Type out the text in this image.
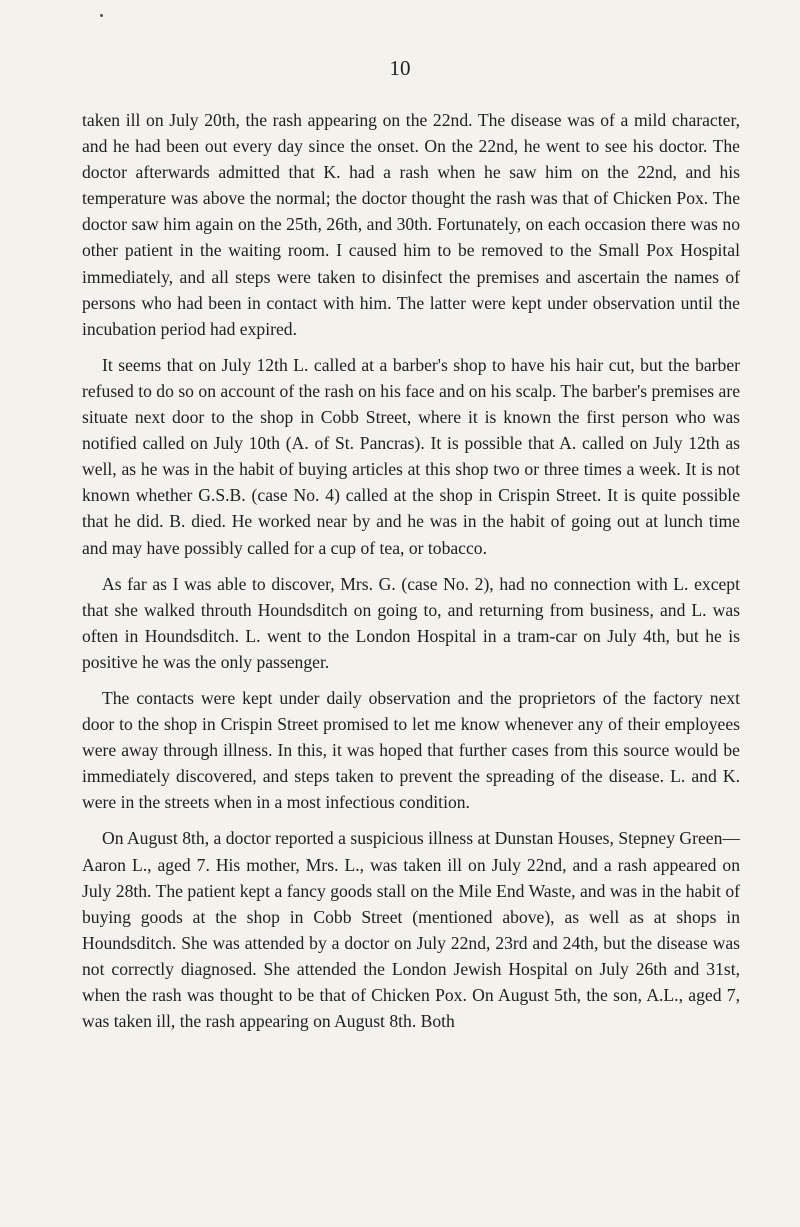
10

taken ill on July 20th, the rash appearing on the 22nd. The disease was of a mild character, and he had been out every day since the onset. On the 22nd, he went to see his doctor. The doctor afterwards admitted that K. had a rash when he saw him on the 22nd, and his temperature was above the normal; the doctor thought the rash was that of Chicken Pox. The doctor saw him again on the 25th, 26th, and 30th. Fortunately, on each occasion there was no other patient in the waiting room. I caused him to be removed to the Small Pox Hospital immediately, and all steps were taken to disinfect the premises and ascertain the names of persons who had been in contact with him. The latter were kept under observation until the incubation period had expired.

It seems that on July 12th L. called at a barber's shop to have his hair cut, but the barber refused to do so on account of the rash on his face and on his scalp. The barber's premises are situate next door to the shop in Cobb Street, where it is known the first person who was notified called on July 10th (A. of St. Pancras). It is possible that A. called on July 12th as well, as he was in the habit of buying articles at this shop two or three times a week. It is not known whether G.S.B. (case No. 4) called at the shop in Crispin Street. It is quite possible that he did. B. died. He worked near by and he was in the habit of going out at lunch time and may have possibly called for a cup of tea, or tobacco.

As far as I was able to discover, Mrs. G. (case No. 2), had no connection with L. except that she walked throuth Houndsditch on going to, and returning from business, and L. was often in Houndsditch. L. went to the London Hospital in a tram-car on July 4th, but he is positive he was the only passenger.

The contacts were kept under daily observation and the proprietors of the factory next door to the shop in Crispin Street promised to let me know whenever any of their employees were away through illness. In this, it was hoped that further cases from this source would be immediately discovered, and steps taken to prevent the spreading of the disease. L. and K. were in the streets when in a most infectious condition.

On August 8th, a doctor reported a suspicious illness at Dunstan Houses, Stepney Green—Aaron L., aged 7. His mother, Mrs. L., was taken ill on July 22nd, and a rash appeared on July 28th. The patient kept a fancy goods stall on the Mile End Waste, and was in the habit of buying goods at the shop in Cobb Street (mentioned above), as well as at shops in Houndsditch. She was attended by a doctor on July 22nd, 23rd and 24th, but the disease was not correctly diagnosed. She attended the London Jewish Hospital on July 26th and 31st, when the rash was thought to be that of Chicken Pox. On August 5th, the son, A.L., aged 7, was taken ill, the rash appearing on August 8th. Both
